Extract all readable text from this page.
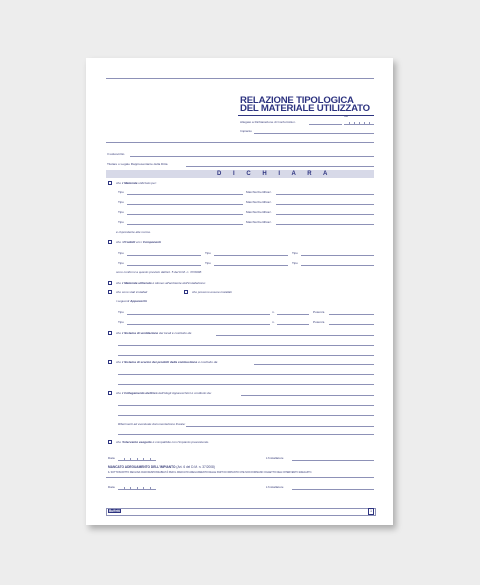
RELAZIONE TIPOLOGICA
DEL MATERIALE UTILIZZATO
Allegato a Dichiarazione di Conformità n.
del
Impianto
Il sottoscritto
Titolare o Legale Rappresentante della Ditta
D I C H I A R A
che il Materiale utilizzato per:
Tipo	Marchio/Certificaz.
Tipo	Marchio/Certificaz.
Tipo	Marchio/Certificaz.
Tipo	Marchio/Certificaz.
è rispondente alle norme.
che i Prodotti e/o i Componenti
Tipo	Tipo	Tipo
Tipo	Tipo	Tipo
sono conformi a quanto previsto dall'art. 5 del D.M. n. 37/2008.
che il Materiale utilizzato è idoneo all'ambiente dell'installazione:
che sono stati installati	che possono essere installati
i seguenti Apparecchi
Tipo	n.	Potenza
Tipo	n.	Potenza
che il Sistema di ventilazione dei locali è costituito da:
che il Sistema di scarico dei prodotti della combustione è costituito da:
che il Collegamento elettrico dell'/degli Apparecchio/i è costituito da:
Riferimenti ad eventuale documentazione fiscale:
che l'Intervento eseguito è compatibile con l'impianto preesistente.
Data	L'Installatore
MANCATO ADEGUAMENTO DELL'IMPIANTO (Art. 6 del D.M. n. 37/2008)
IL SOTTOSCRITTO DECLINA OGNI RESPONSABILITÀ PER IL MANCATO ADEGUAMENTO DELLE PARTI DI IMPIANTO CHE NON FORMANO OGGETTO DELL'INTERVENTO ESEGUITO.
Data	L'Installatore
Buffetti	1
